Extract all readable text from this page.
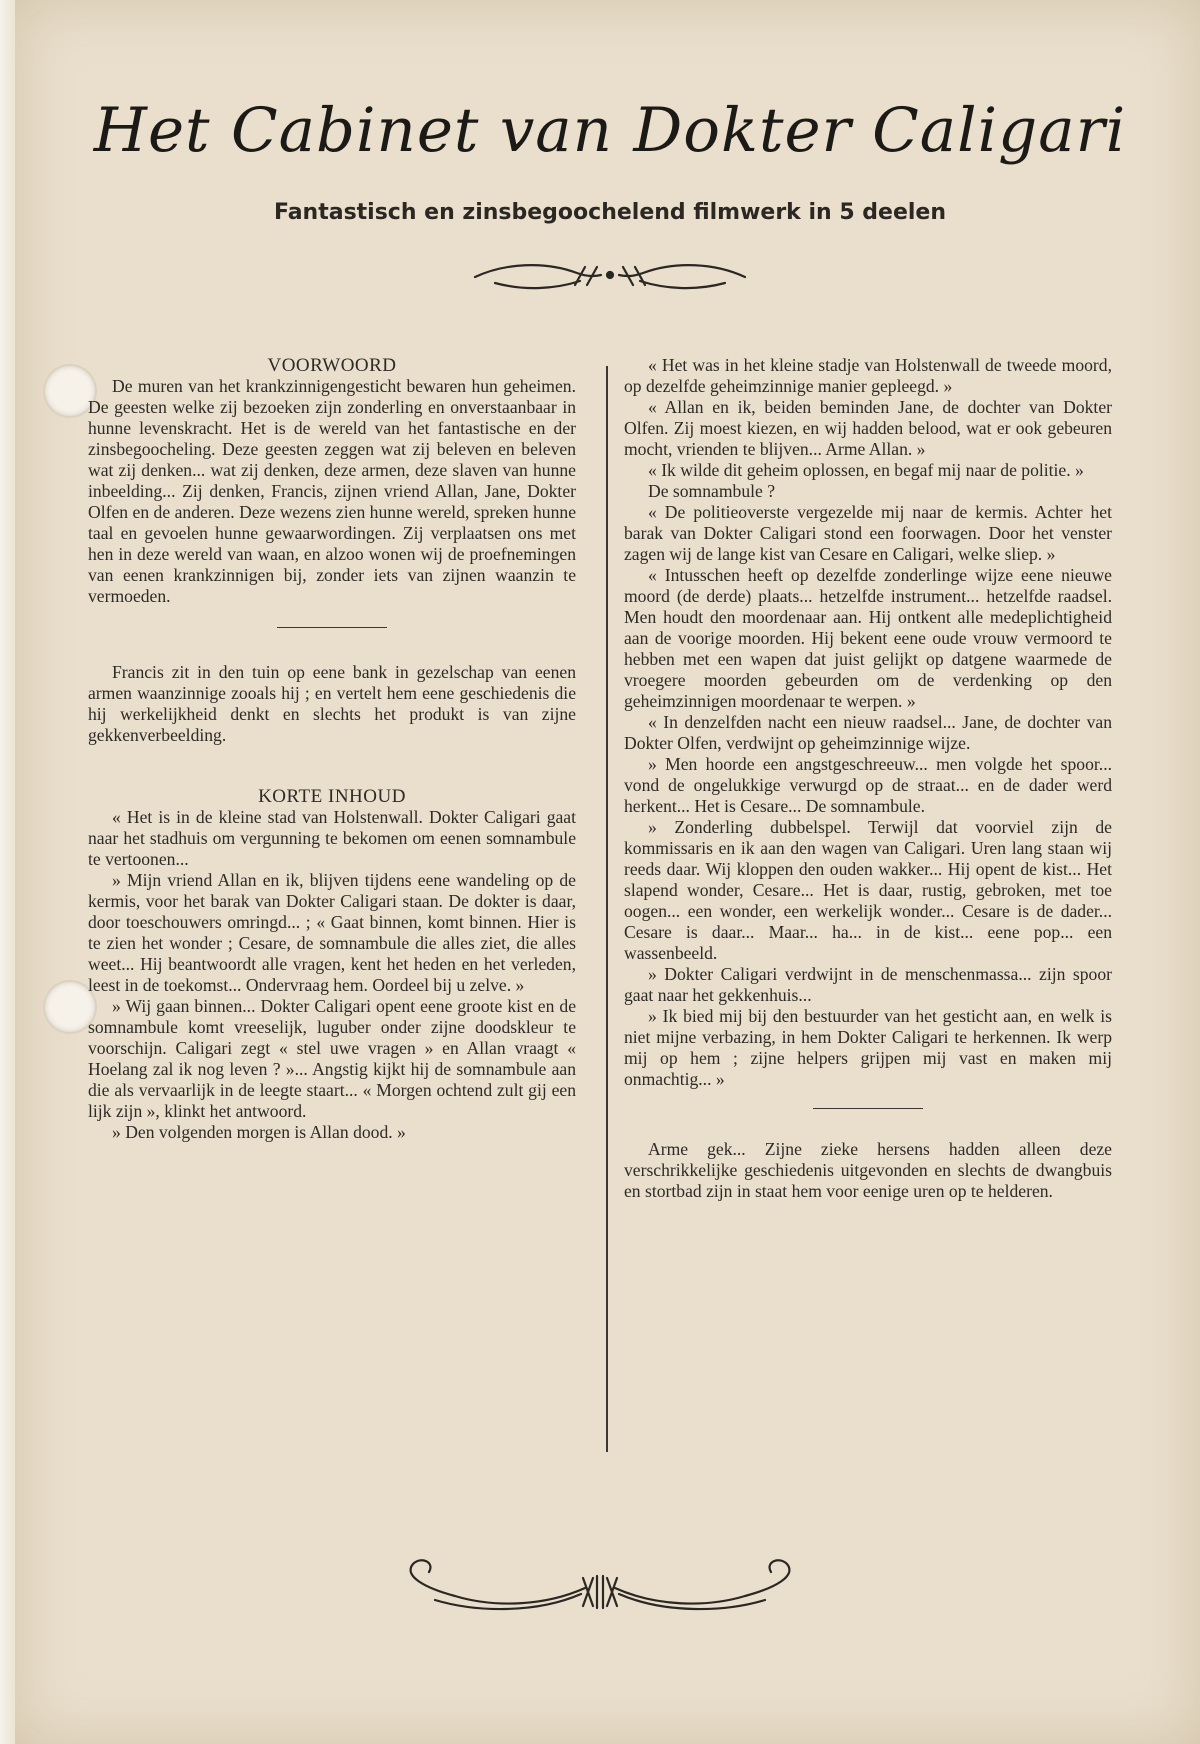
Het Cabinet van Dokter Caligari
Fantastisch en zinsbegoochelend filmwerk in 5 deelen

VOORWOORD

De muren van het krankzinnigengesticht bewaren hun geheimen. De geesten welke zij bezoeken zijn zonderling en onverstaanbaar in hunne levenskracht. Het is de wereld van het fantastische en der zinsbegoocheling. Deze geesten zeggen wat zij beleven en beleven wat zij denken... wat zij denken, deze armen, deze slaven van hunne inbeelding... Zij denken, Francis, zijnen vriend Allan, Jane, Dokter Olfen en de anderen. Deze wezens zien hunne wereld, spreken hunne taal en gevoelen hunne gewaarwordingen. Zij verplaatsen ons met hen in deze wereld van waan, en alzoo wonen wij de proefnemingen van eenen krankzinnigen bij, zonder iets van zijnen waanzin te vermoeden.

Francis zit in den tuin op eene bank in gezelschap van eenen armen waanzinnige zooals hij ; en vertelt hem eene geschiedenis die hij werkelijkheid denkt en slechts het produkt is van zijne gekkenverbeelding.

KORTE INHOUD

« Het is in de kleine stad van Holstenwall. Dokter Caligari gaat naar het stadhuis om vergunning te bekomen om eenen somnambule te vertoonen...

» Mijn vriend Allan en ik, blijven tijdens eene wandeling op de kermis, voor het barak van Dokter Caligari staan. De dokter is daar, door toeschouwers omringd... ; « Gaat binnen, komt binnen. Hier is te zien het wonder ; Cesare, de somnambule die alles ziet, die alles weet... Hij beantwoordt alle vragen, kent het heden en het verleden, leest in de toekomst... Ondervraag hem. Oordeel bij u zelve. »

» Wij gaan binnen... Dokter Caligari opent eene groote kist en de somnambule komt vreeselijk, luguber onder zijne doodskleur te voorschijn. Caligari zegt « stel uwe vragen » en Allan vraagt « Hoelang zal ik nog leven ? »... Angstig kijkt hij de somnambule aan die als vervaarlijk in de leegte staart... « Morgen ochtend zult gij een lijk zijn », klinkt het antwoord.

» Den volgenden morgen is Allan dood. »

« Het was in het kleine stadje van Holstenwall de tweede moord, op dezelfde geheimzinnige manier gepleegd. »

« Allan en ik, beiden beminden Jane, de dochter van Dokter Olfen. Zij moest kiezen, en wij hadden belood, wat er ook gebeuren mocht, vrienden te blijven... Arme Allan. »

« Ik wilde dit geheim oplossen, en begaf mij naar de politie. »

De somnambule ?

« De politieoverste vergezelde mij naar de kermis. Achter het barak van Dokter Caligari stond een foorwagen. Door het venster zagen wij de lange kist van Cesare en Caligari, welke sliep. »

« Intusschen heeft op dezelfde zonderlinge wijze eene nieuwe moord (de derde) plaats... hetzelfde instrument... hetzelfde raadsel. Men houdt den moordenaar aan. Hij ontkent alle medeplichtigheid aan de voorige moorden. Hij bekent eene oude vrouw vermoord te hebben met een wapen dat juist gelijkt op datgene waarmede de vroegere moorden gebeurden om de verdenking op den geheimzinnigen moordenaar te werpen. »

« In denzelfden nacht een nieuw raadsel... Jane, de dochter van Dokter Olfen, verdwijnt op geheimzinnige wijze.

» Men hoorde een angstgeschreeuw... men volgde het spoor... vond de ongelukkige verwurgd op de straat... en de dader werd herkent... Het is Cesare... De somnambule.

» Zonderling dubbelspel. Terwijl dat voorviel zijn de kommissaris en ik aan den wagen van Caligari. Uren lang staan wij reeds daar. Wij kloppen den ouden wakker... Hij opent de kist... Het slapend wonder, Cesare... Het is daar, rustig, gebroken, met toe oogen... een wonder, een werkelijk wonder... Cesare is de dader... Cesare is daar... Maar... ha... in de kist... eene pop... een wassenbeeld.

» Dokter Caligari verdwijnt in de menschenmassa... zijn spoor gaat naar het gekkenhuis...

» Ik bied mij bij den bestuurder van het gesticht aan, en welk is niet mijne verbazing, in hem Dokter Caligari te herkennen. Ik werp mij op hem ; zijne helpers grijpen mij vast en maken mij onmachtig... »

Arme gek... Zijne zieke hersens hadden alleen deze verschrikkelijke geschiedenis uitgevonden en slechts de dwangbuis en stortbad zijn in staat hem voor eenige uren op te helderen.
